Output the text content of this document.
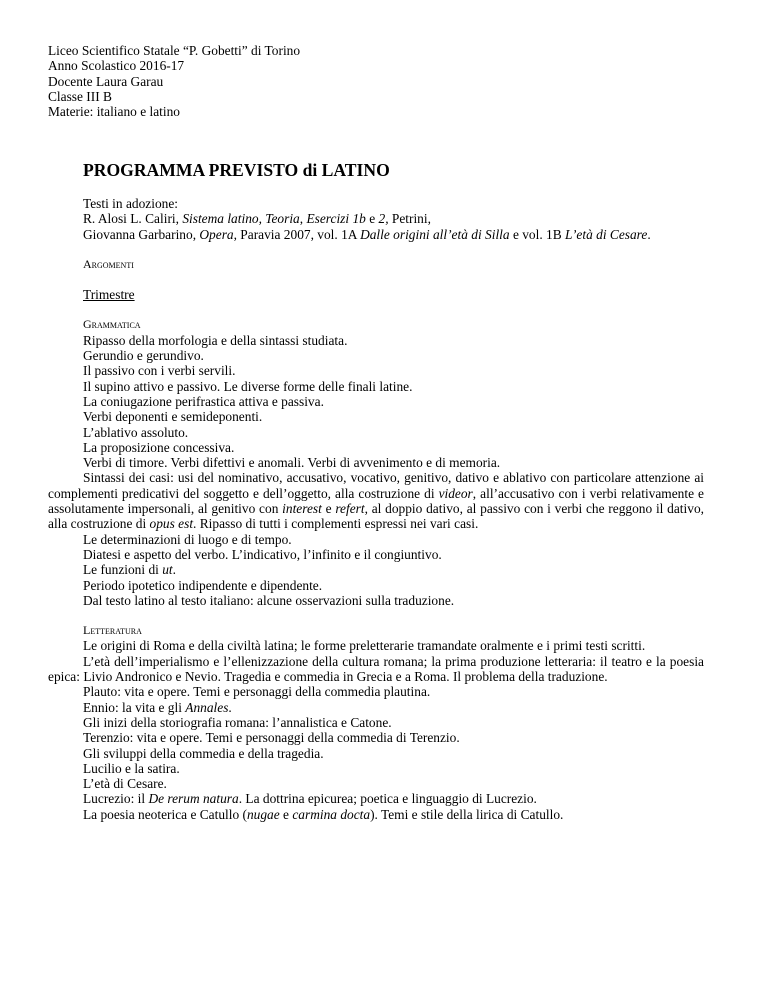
Liceo Scientifico Statale “P. Gobetti” di Torino
Anno Scolastico 2016-17
Docente Laura Garau
Classe III B
Materie: italiano e latino
PROGRAMMA PREVISTO di LATINO
Testi in adozione:
R. Alosi L. Caliri, Sistema latino, Teoria, Esercizi 1b e 2, Petrini,

Giovanna Garbarino, Opera, Paravia 2007, vol. 1A Dalle origini all’età di Silla e vol. 1B L’età di Cesare.

Argomenti
Trimestre
Grammatica
Ripasso della morfologia e della sintassi studiata.
Gerundio e gerundivo.
Il passivo con i verbi servili.
Il supino attivo e passivo. Le diverse forme delle finali latine.
La coniugazione perifrastica attiva e passiva.
Verbi deponenti e semideponenti.
L’ablativo assoluto.
La proposizione concessiva.
Verbi di timore. Verbi difettivi e anomali. Verbi di avvenimento e di memoria.

Sintassi dei casi: usi del nominativo, accusativo, vocativo, genitivo, dativo e ablativo con particolare attenzione ai complementi predicativi del soggetto e dell’oggetto, alla costruzione di videor, all’accusativo con i verbi relativamente e assolutamente impersonali, al genitivo con interest e refert, al doppio dativo, al passivo con i verbi che reggono il dativo, alla costruzione di opus est. Ripasso di tutti i complementi espressi nei vari casi.

Le determinazioni di luogo e di tempo.
Diatesi e aspetto del verbo. L’indicativo, l’infinito e il congiuntivo.
Le funzioni di ut.
Periodo ipotetico indipendente e dipendente.
Dal testo latino al testo italiano: alcune osservazioni sulla traduzione.
Letteratura

Le origini di Roma e della civiltà latina; le forme preletterarie tramandate oralmente e i primi testi scritti.

L’età dell’imperialismo e l’ellenizzazione della cultura romana; la prima produzione letteraria: il teatro e la poesia epica: Livio Andronico e Nevio. Tragedia e commedia in Grecia e a Roma. Il problema della traduzione.

Plauto: vita e opere. Temi e personaggi della commedia plautina.
Ennio: la vita e gli Annales.
Gli inizi della storiografia romana: l’annalistica e Catone.
Terenzio: vita e opere. Temi e personaggi della commedia di Terenzio.
Gli sviluppi della commedia e della tragedia.
Lucilio e la satira.
L’età di Cesare.
Lucrezio: il De rerum natura. La dottrina epicurea; poetica e linguaggio di Lucrezio.
La poesia neoterica e Catullo (nugae e carmina docta). Temi e stile della lirica di Catullo.
